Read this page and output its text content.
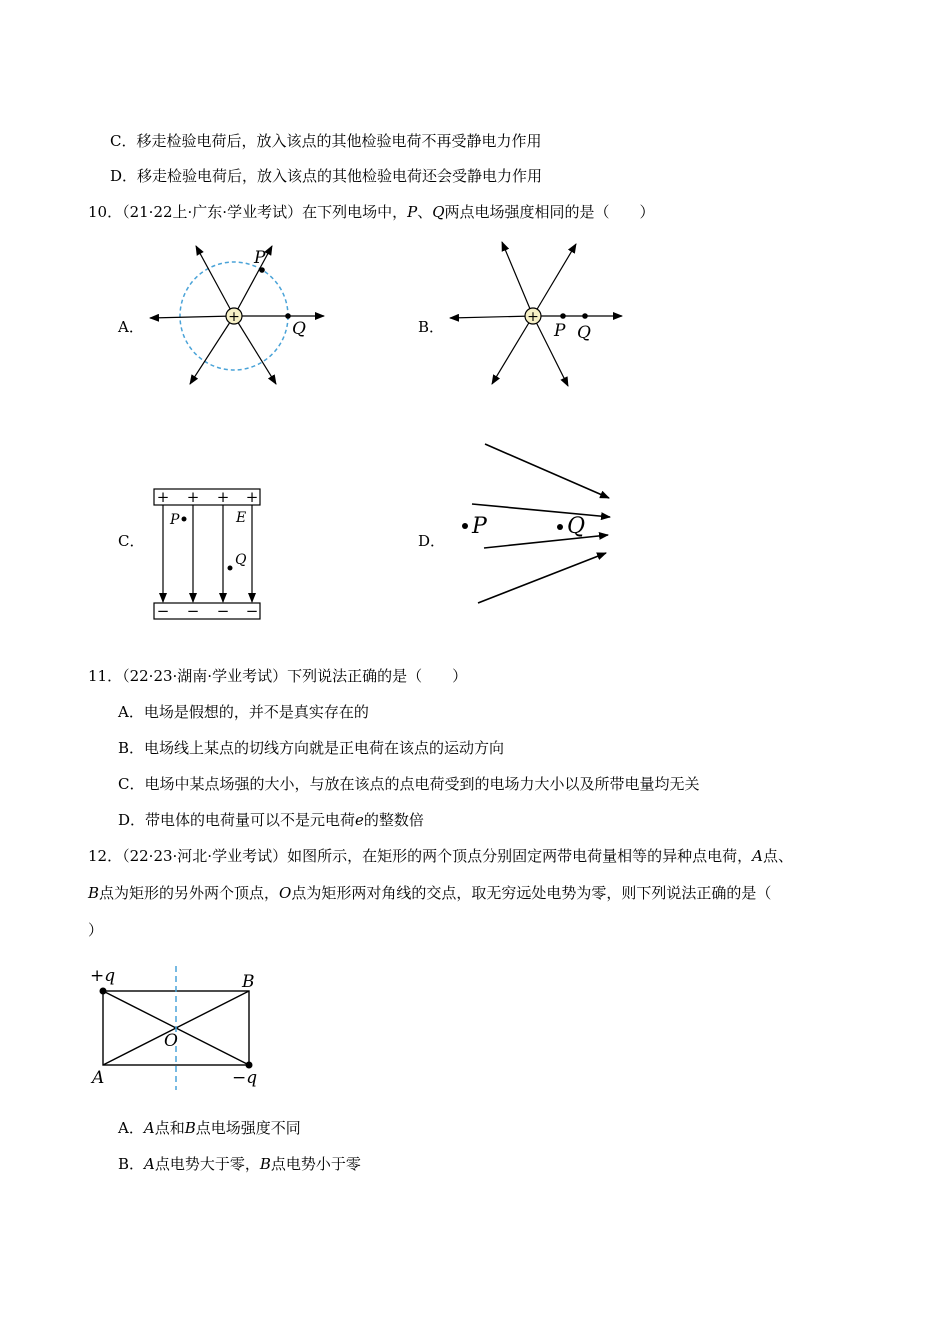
C．移走检验电荷后，放入该点的其他检验电荷不再受静电力作用
D．移走检验电荷后，放入该点的其他检验电荷还会受静电力作用
10．（21·22上·广东·学业考试）在下列电场中，P、Q两点电场强度相同的是（　　）
A．	B．
C．	D．
+
P
Q
+
P Q
+ + + +
− − − −
P	E
Q
P	Q
+q	B
O
A	−q
11．（22·23·湖南·学业考试）下列说法正确的是（　　）
A．电场是假想的，并不是真实存在的
B．电场线上某点的切线方向就是正电荷在该点的运动方向
C．电场中某点场强的大小，与放在该点的点电荷受到的电场力大小以及所带电量均无关
D．带电体的电荷量可以不是元电荷e的整数倍
12．（22·23·河北·学业考试）如图所示，在矩形的两个顶点分别固定两带电荷量相等的异种点电荷，A点、
B点为矩形的另外两个顶点，O点为矩形两对角线的交点，取无穷远处电势为零，则下列说法正确的是（
）
A．A点和B点电场强度不同
B．A点电势大于零，B点电势小于零
